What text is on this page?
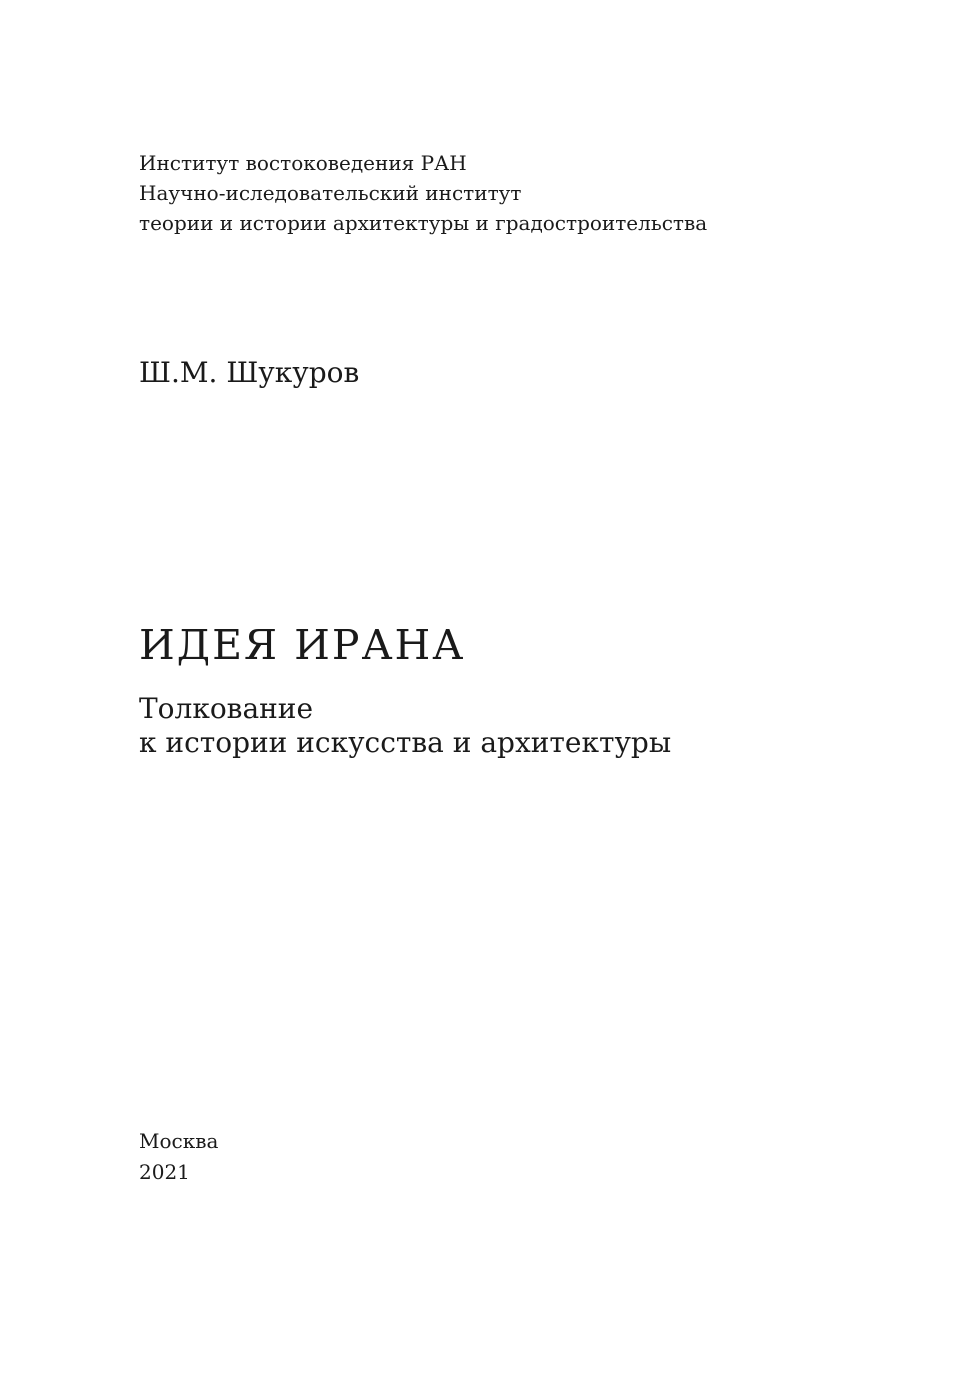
Институт востоковедения РАН
Научно-иследовательский институт
теории и истории архитектуры и градостроительства
Ш.М. Шукуров
ИДЕЯ ИРАНА
Толкование
к истории искусства и архитектуры
Москва
2021
